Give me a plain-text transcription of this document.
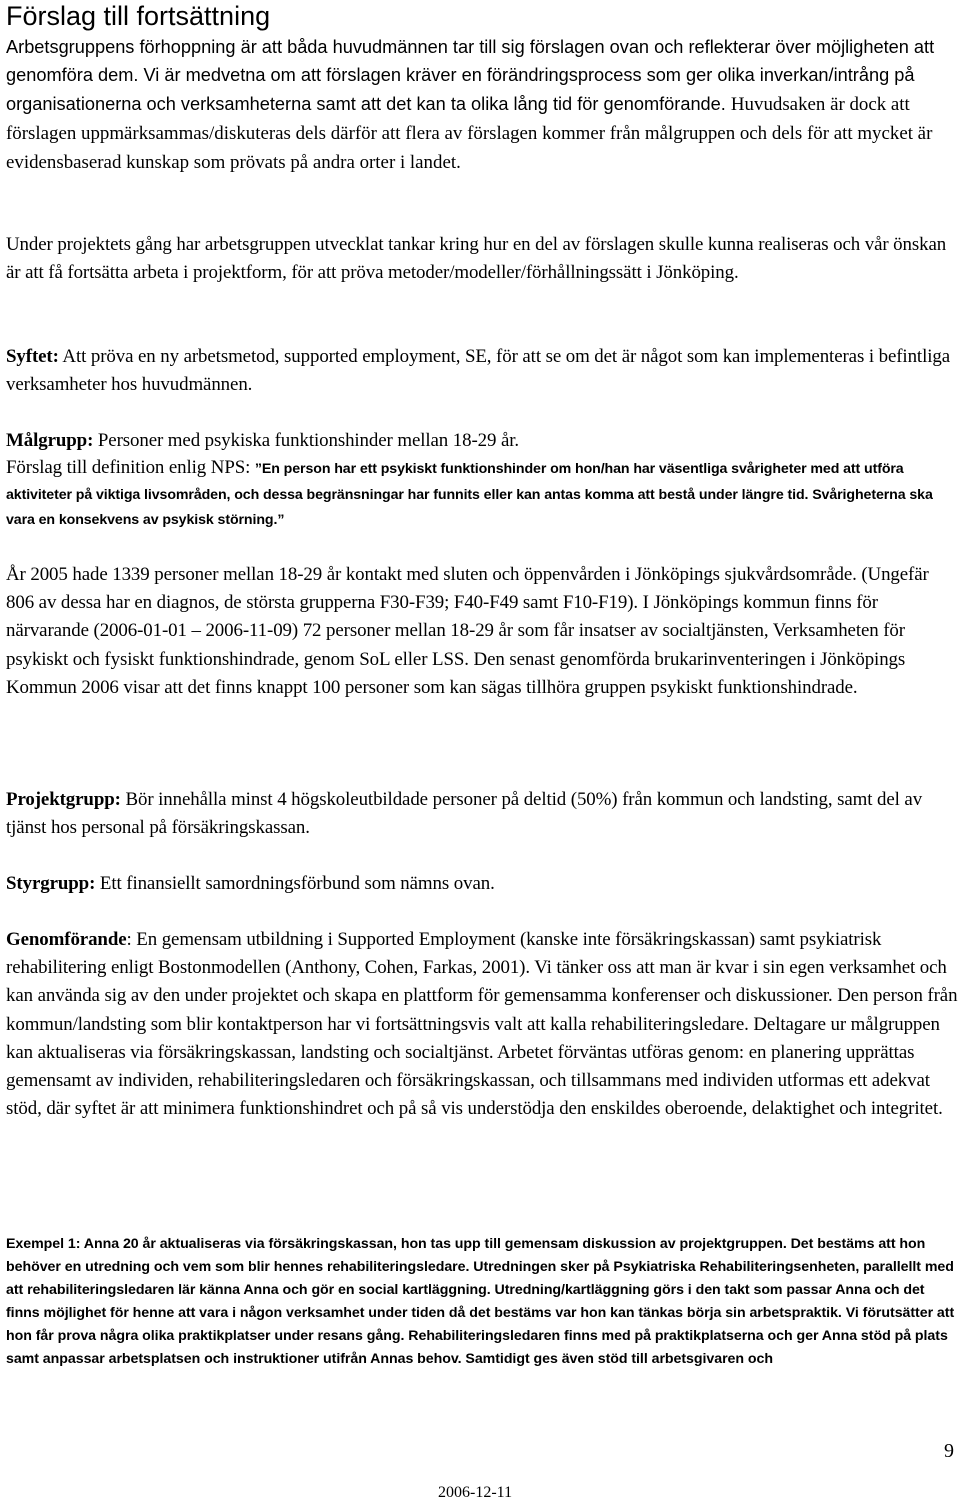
Förslag till fortsättning

Arbetsgruppens förhoppning är att båda huvudmännen tar till sig förslagen ovan och reflekterar över möjligheten att genomföra dem. Vi är medvetna om att förslagen kräver en förändringsprocess som ger olika inverkan/intrång på organisationerna och verksamheterna samt att det kan ta olika lång tid för genomförande. Huvudsaken är dock att förslagen uppmärksammas/diskuteras dels därför att flera av förslagen kommer från målgruppen och dels för att mycket är evidensbaserad kunskap som prövats på andra orter i landet.

Under projektets gång har arbetsgruppen utvecklat tankar kring hur en del av förslagen skulle kunna realiseras och vår önskan är att få fortsätta arbeta i projektform, för att pröva metoder/modeller/förhållningssätt i Jönköping.

Syftet: Att pröva en ny arbetsmetod, supported employment, SE, för att se om det är något som kan implementeras i befintliga verksamheter hos huvudmännen.

Målgrupp: Personer med psykiska funktionshinder mellan 18-29 år.

Förslag till definition enlig NPS: ”En person har ett psykiskt funktionshinder om hon/han har väsentliga svårigheter med att utföra aktiviteter på viktiga livsområden, och dessa begränsningar har funnits eller kan antas komma att bestå under längre tid. Svårigheterna ska vara en konsekvens av psykisk störning.”

År 2005 hade 1339 personer mellan 18-29 år kontakt med sluten och öppenvården i Jönköpings sjukvårdsområde. (Ungefär 806 av dessa har en diagnos, de största grupperna F30-F39; F40-F49 samt F10-F19). I Jönköpings kommun finns för närvarande (2006-01-01 – 2006-11-09) 72 personer mellan 18-29 år som får insatser av socialtjänsten, Verksamheten för psykiskt och fysiskt funktionshindrade, genom SoL eller LSS. Den senast genomförda brukarinventeringen i Jönköpings Kommun 2006 visar att det finns knappt 100 personer som kan sägas tillhöra gruppen psykiskt funktionshindrade.

Projektgrupp: Bör innehålla minst 4 högskoleutbildade personer på deltid (50%) från kommun och landsting, samt del av tjänst hos personal på försäkringskassan.

Styrgrupp: Ett finansiellt samordningsförbund som nämns ovan.

Genomförande: En gemensam utbildning i Supported Employment (kanske inte försäkringskassan) samt psykiatrisk rehabilitering enligt Bostonmodellen (Anthony, Cohen, Farkas, 2001). Vi tänker oss att man är kvar i sin egen verksamhet och kan använda sig av den under projektet och skapa en plattform för gemensamma konferenser och diskussioner. Den person från kommun/landsting som blir kontaktperson har vi fortsättningsvis valt att kalla rehabiliteringsledare. Deltagare ur målgruppen kan aktualiseras via försäkringskassan, landsting och socialtjänst. Arbetet förväntas utföras genom: en planering upprättas gemensamt av individen, rehabiliteringsledaren och försäkringskassan, och tillsammans med individen utformas ett adekvat stöd, där syftet är att minimera funktionshindret och på så vis understödja den enskildes oberoende, delaktighet och integritet.

Exempel 1: Anna 20 år aktualiseras via försäkringskassan, hon tas upp till gemensam diskussion av projektgruppen. Det bestäms att hon behöver en utredning och vem som blir hennes rehabiliteringsledare. Utredningen sker på Psykiatriska Rehabiliteringsenheten, parallellt med att rehabiliteringsledaren lär känna Anna och gör en social kartläggning. Utredning/kartläggning görs i den takt som passar Anna och det finns möjlighet för henne att vara i någon verksamhet under tiden då det bestäms var hon kan tänkas börja sin arbetspraktik. Vi förutsätter att hon får prova några olika praktikplatser under resans gång. Rehabiliteringsledaren finns med på praktikplatserna och ger Anna stöd på plats samt anpassar arbetsplatsen och instruktioner utifrån Annas behov. Samtidigt ges även stöd till arbetsgivaren och
9
2006-12-11
